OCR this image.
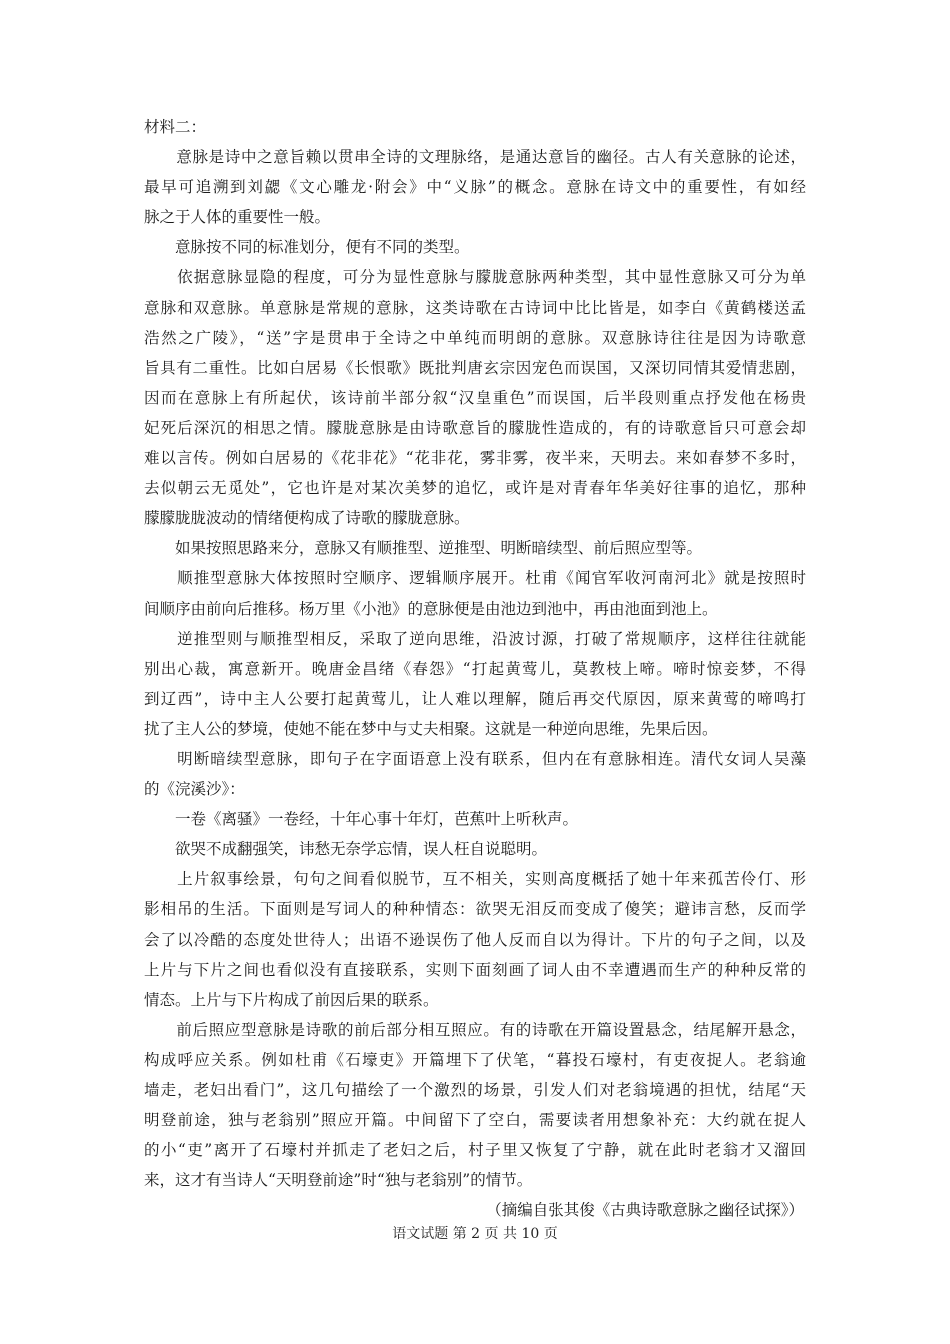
材料二：
　　意脉是诗中之意旨赖以贯串全诗的文理脉络，是通达意旨的幽径。古人有关意脉的论述，
最早可追溯到刘勰《文心雕龙·附会》中“义脉”的概念。意脉在诗文中的重要性，有如经
脉之于人体的重要性一般。
　　意脉按不同的标准划分，便有不同的类型。
　　依据意脉显隐的程度，可分为显性意脉与朦胧意脉两种类型，其中显性意脉又可分为单
意脉和双意脉。单意脉是常规的意脉，这类诗歌在古诗词中比比皆是，如李白《黄鹤楼送孟
浩然之广陵》，“送”字是贯串于全诗之中单纯而明朗的意脉。双意脉诗往往是因为诗歌意
旨具有二重性。比如白居易《长恨歌》既批判唐玄宗因宠色而误国，又深切同情其爱情悲剧，
因而在意脉上有所起伏，该诗前半部分叙“汉皇重色”而误国，后半段则重点抒发他在杨贵
妃死后深沉的相思之情。朦胧意脉是由诗歌意旨的朦胧性造成的，有的诗歌意旨只可意会却
难以言传。例如白居易的《花非花》“花非花，雾非雾，夜半来，天明去。来如春梦不多时，
去似朝云无觅处”，它也许是对某次美梦的追忆，或许是对青春年华美好往事的追忆，那种
朦朦胧胧波动的情绪便构成了诗歌的朦胧意脉。
　　如果按照思路来分，意脉又有顺推型、逆推型、明断暗续型、前后照应型等。
　　顺推型意脉大体按照时空顺序、逻辑顺序展开。杜甫《闻官军收河南河北》就是按照时
间顺序由前向后推移。杨万里《小池》的意脉便是由池边到池中，再由池面到池上。
　　逆推型则与顺推型相反，采取了逆向思维，沿波讨源，打破了常规顺序，这样往往就能
别出心裁，寓意新开。晚唐金昌绪《春怨》“打起黄莺儿，莫教枝上啼。啼时惊妾梦，不得
到辽西”，诗中主人公要打起黄莺儿，让人难以理解，随后再交代原因，原来黄莺的啼鸣打
扰了主人公的梦境，使她不能在梦中与丈夫相聚。这就是一种逆向思维，先果后因。
　　明断暗续型意脉，即句子在字面语意上没有联系，但内在有意脉相连。清代女词人吴藻
的《浣溪沙》：
　　一卷《离骚》一卷经，十年心事十年灯，芭蕉叶上听秋声。
　　欲哭不成翻强笑，讳愁无奈学忘情，误人枉自说聪明。
　　上片叙事绘景，句句之间看似脱节，互不相关，实则高度概括了她十年来孤苦伶仃、形
影相吊的生活。下面则是写词人的种种情态：欲哭无泪反而变成了傻笑；避讳言愁，反而学
会了以冷酷的态度处世待人；出语不逊误伤了他人反而自以为得计。下片的句子之间，以及
上片与下片之间也看似没有直接联系，实则下面刻画了词人由不幸遭遇而生产的种种反常的
情态。上片与下片构成了前因后果的联系。
　　前后照应型意脉是诗歌的前后部分相互照应。有的诗歌在开篇设置悬念，结尾解开悬念，
构成呼应关系。例如杜甫《石壕吏》开篇埋下了伏笔，“暮投石壕村，有吏夜捉人。老翁逾
墙走，老妇出看门”，这几句描绘了一个激烈的场景，引发人们对老翁境遇的担忧，结尾“天
明登前途，独与老翁别”照应开篇。中间留下了空白，需要读者用想象补充：大约就在捉人
的小“吏”离开了石壕村并抓走了老妇之后，村子里又恢复了宁静，就在此时老翁才又溜回
来，这才有当诗人“天明登前途”时“独与老翁别”的情节。
（摘编自张其俊《古典诗歌意脉之幽径试探》）
语文试题 第 2 页 共 10 页
